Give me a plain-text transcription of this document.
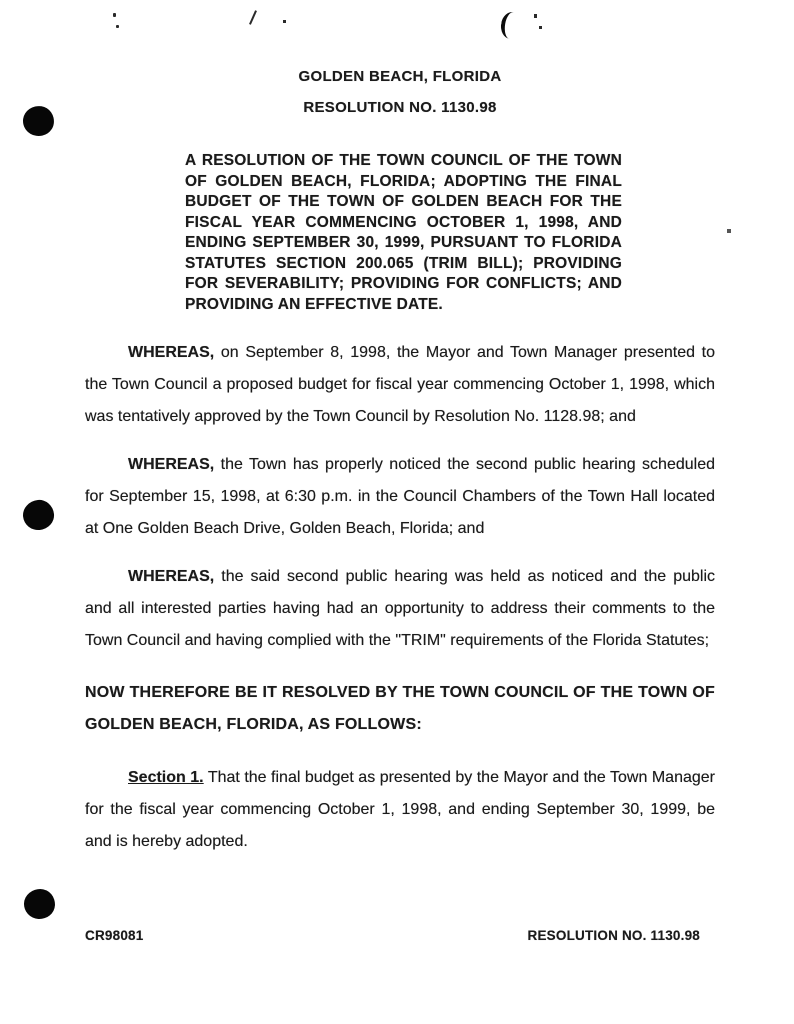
GOLDEN BEACH, FLORIDA
RESOLUTION NO. 1130.98

A RESOLUTION OF THE TOWN COUNCIL OF THE TOWN OF GOLDEN BEACH, FLORIDA; ADOPTING THE FINAL BUDGET OF THE TOWN OF GOLDEN BEACH FOR THE FISCAL YEAR COMMENCING OCTOBER 1, 1998, AND ENDING SEPTEMBER 30, 1999, PURSUANT TO FLORIDA STATUTES SECTION 200.065 (TRIM BILL); PROVIDING FOR SEVERABILITY; PROVIDING FOR CONFLICTS; AND PROVIDING AN EFFECTIVE DATE.

WHEREAS, on September 8, 1998, the Mayor and Town Manager presented to the Town Council a proposed budget for fiscal year commencing October 1, 1998, which was tentatively approved by the Town Council by Resolution No. 1128.98; and

WHEREAS, the Town has properly noticed the second public hearing scheduled for September 15, 1998, at 6:30 p.m. in the Council Chambers of the Town Hall located at One Golden Beach Drive, Golden Beach, Florida; and

WHEREAS, the said second public hearing was held as noticed and the public and all interested parties having had an opportunity to address their comments to the Town Council and having complied with the "TRIM" requirements of the Florida Statutes;

NOW THEREFORE BE IT RESOLVED BY THE TOWN COUNCIL OF THE TOWN OF GOLDEN BEACH, FLORIDA, AS FOLLOWS:

Section 1. That the final budget as presented by the Mayor and the Town Manager for the fiscal year commencing October 1, 1998, and ending September 30, 1999, be and is hereby adopted.

CR98081	RESOLUTION NO. 1130.98
